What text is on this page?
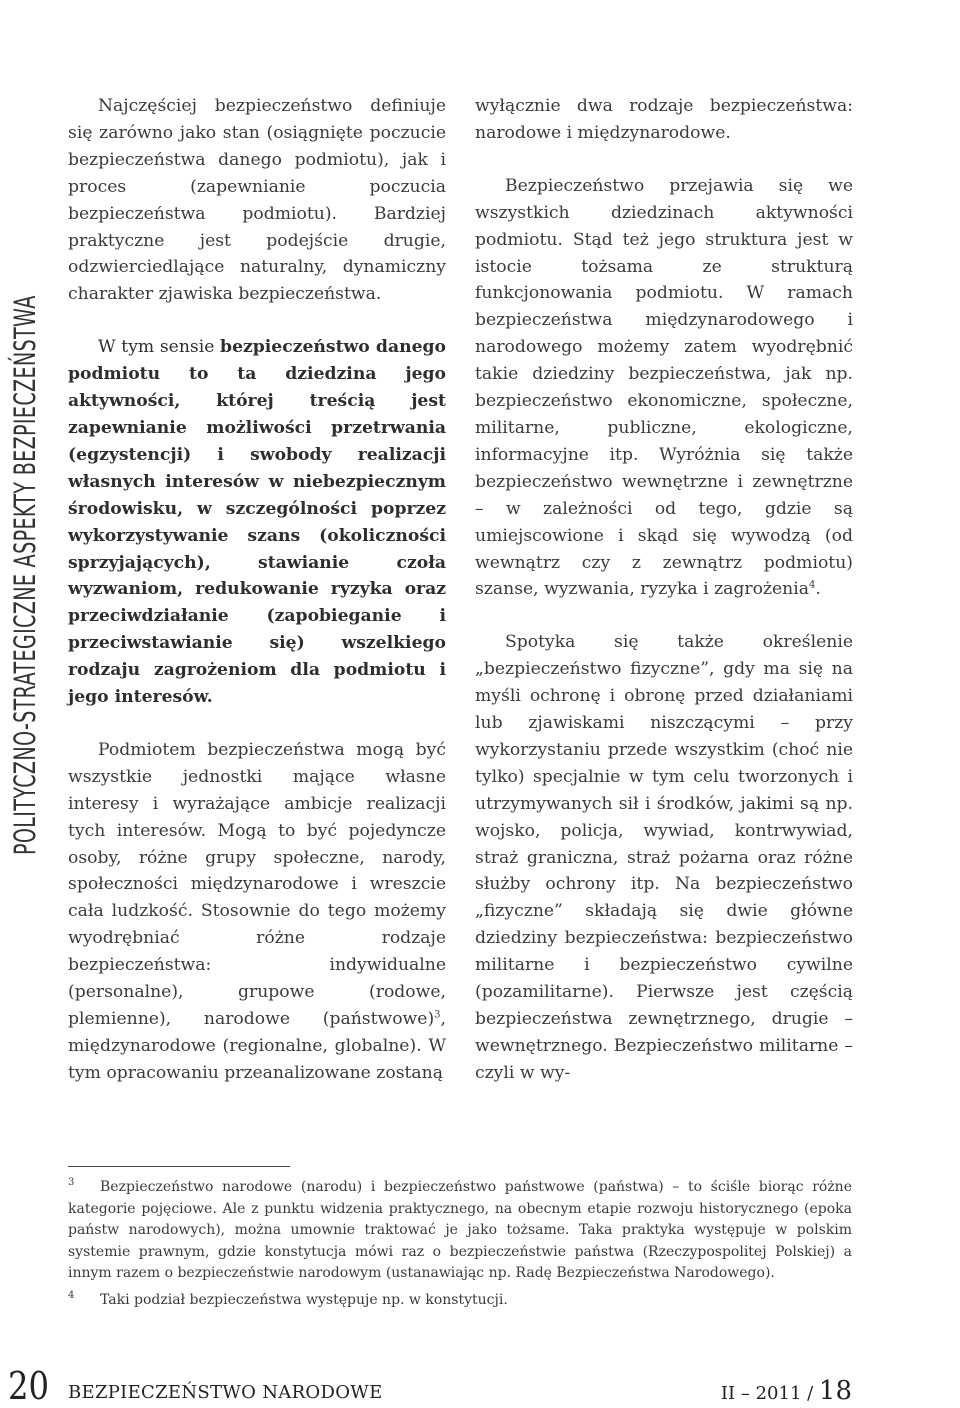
POLITYCZNO-STRATEGICZNE ASPEKTY BEZPIECZEŃSTWA

Najczęściej bezpieczeństwo definiuje się zarówno jako stan (osiągnięte poczucie bezpieczeństwa danego podmiotu), jak i proces (zapewnianie poczucia bezpieczeństwa podmiotu). Bardziej praktyczne jest podejście drugie, odzwierciedlające naturalny, dynamiczny charakter zjawiska bezpieczeństwa.

W tym sensie bezpieczeństwo danego podmiotu to ta dziedzina jego aktywności, której treścią jest zapewnianie możliwości przetrwania (egzystencji) i swobody realizacji własnych interesów w niebezpiecznym środowisku, w szczególności poprzez wykorzystywanie szans (okoliczności sprzyjających), stawianie czoła wyzwaniom, redukowanie ryzyka oraz przeciwdziałanie (zapobieganie i przeciwstawianie się) wszelkiego rodzaju zagrożeniom dla podmiotu i jego interesów.

Podmiotem bezpieczeństwa mogą być wszystkie jednostki mające własne interesy i wyrażające ambicje realizacji tych interesów. Mogą to być pojedyncze osoby, różne grupy społeczne, narody, społeczności międzynarodowe i wreszcie cała ludzkość. Stosownie do tego możemy wyodrębniać różne rodzaje bezpieczeństwa: indywidualne (personalne), grupowe (rodowe, plemienne), narodowe (państwowe)$^3$, międzynarodowe (regionalne, globalne). W tym opracowaniu przeanalizowane zostaną

wyłącznie dwa rodzaje bezpieczeństwa: narodowe i międzynarodowe.

Bezpieczeństwo przejawia się we wszystkich dziedzinach aktywności podmiotu. Stąd też jego struktura jest w istocie tożsama ze strukturą funkcjonowania podmiotu. W ramach bezpieczeństwa międzynarodowego i narodowego możemy zatem wyodrębnić takie dziedziny bezpieczeństwa, jak np. bezpieczeństwo ekonomiczne, społeczne, militarne, publiczne, ekologiczne, informacyjne itp. Wyróżnia się także bezpieczeństwo wewnętrzne i zewnętrzne – w zależności od tego, gdzie są umiejscowione i skąd się wywodzą (od wewnątrz czy z zewnątrz podmiotu) szanse, wyzwania, ryzyka i zagrożenia$^4$.

Spotyka się także określenie „bezpieczeństwo fizyczne”, gdy ma się na myśli ochronę i obronę przed działaniami lub zjawiskami niszczącymi – przy wykorzystaniu przede wszystkim (choć nie tylko) specjalnie w tym celu tworzonych i utrzymywanych sił i środków, jakimi są np. wojsko, policja, wywiad, kontrwywiad, straż graniczna, straż pożarna oraz różne służby ochrony itp. Na bezpieczeństwo „fizyczne” składają się dwie główne dziedziny bezpieczeństwa: bezpieczeństwo militarne i bezpieczeństwo cywilne (pozamilitarne). Pierwsze jest częścią bezpieczeństwa zewnętrznego, drugie – wewnętrznego. Bezpieczeństwo militarne – czyli w wy-

3 Bezpieczeństwo narodowe (narodu) i bezpieczeństwo państwowe (państwa) – to ściśle biorąc różne kategorie pojęciowe. Ale z punktu widzenia praktycznego, na obecnym etapie rozwoju historycznego (epoka państw narodowych), można umownie traktować je jako tożsame. Taka praktyka występuje w polskim systemie prawnym, gdzie konstytucja mówi raz o bezpieczeństwie państwa (Rzeczypospolitej Polskiej) a innym razem o bezpieczeństwie narodowym (ustanawiając np. Radę Bezpieczeństwa Narodowego).

4 Taki podział bezpieczeństwa występuje np. w konstytucji.

20 BEZPIECZEŃSTWO NARODOWE	II – 2011 / 18
